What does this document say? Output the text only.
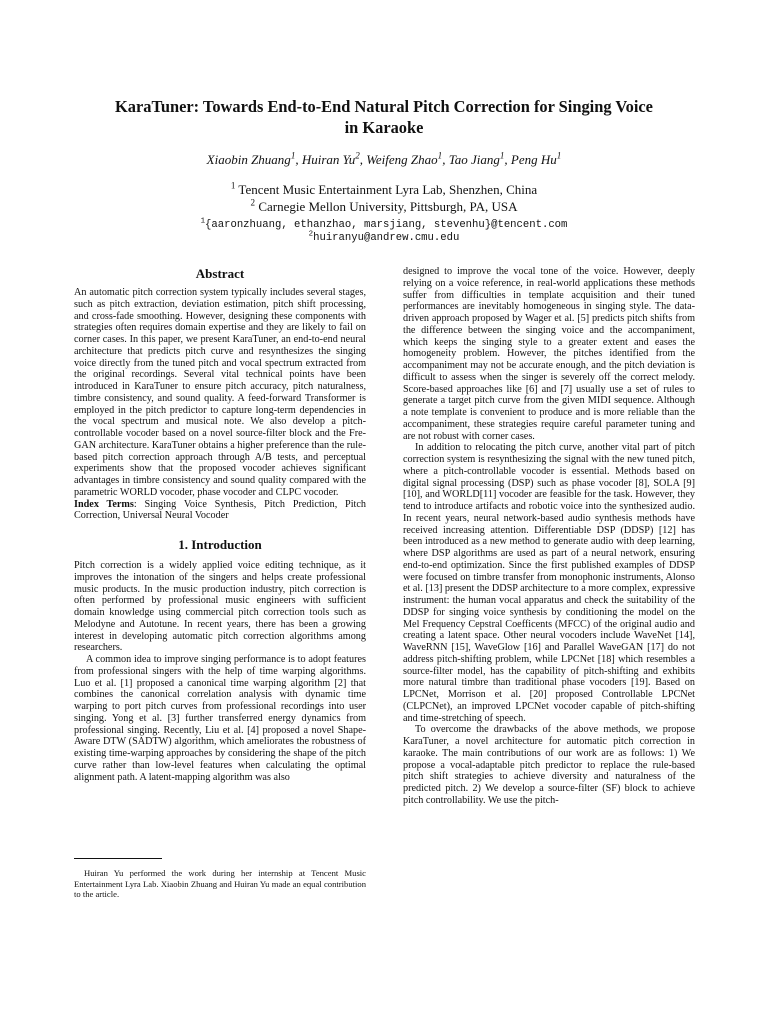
KaraTuner: Towards End-to-End Natural Pitch Correction for Singing Voice
in Karaoke
Xiaobin Zhuang$^1$, Huiran Yu$^2$, Weifeng Zhao$^1$, Tao Jiang$^1$, Peng Hu$^1$
$^1$ Tencent Music Entertainment Lyra Lab, Shenzhen, China
$^2$ Carnegie Mellon University, Pittsburgh, PA, USA
$^1${aaronzhuang, ethanzhao, marsjiang, stevenhu}@tencent.com
$^2$huiranyu@andrew.cmu.edu
Abstract

An automatic pitch correction system typically includes several stages, such as pitch extraction, deviation estimation, pitch shift processing, and cross-fade smoothing. However, designing these components with strategies often requires domain expertise and they are likely to fail on corner cases. In this paper, we present KaraTuner, an end-to-end neural architecture that predicts pitch curve and resynthesizes the singing voice directly from the tuned pitch and vocal spectrum extracted from the original recordings. Several vital technical points have been introduced in KaraTuner to ensure pitch accuracy, pitch naturalness, timbre consistency, and sound quality. A feed-forward Transformer is employed in the pitch predictor to capture long-term dependencies in the vocal spectrum and musical note. We also develop a pitch-controllable vocoder based on a novel source-filter block and the Fre-GAN architecture. KaraTuner obtains a higher preference than the rule-based pitch correction approach through A/B tests, and perceptual experiments show that the proposed vocoder achieves significant advantages in timbre consistency and sound quality compared with the parametric WORLD vocoder, phase vocoder and CLPC vocoder.

Index Terms: Singing Voice Synthesis, Pitch Prediction, Pitch Correction, Universal Neural Vocoder

1. Introduction

Pitch correction is a widely applied voice editing technique, as it improves the intonation of the singers and helps create professional music products. In the music production industry, pitch correction is often performed by professional music engineers with sufficient domain knowledge using commercial pitch correction tools such as Melodyne and Autotune. In recent years, there has been a growing interest in developing automatic pitch correction algorithms among researchers.

A common idea to improve singing performance is to adopt features from professional singers with the help of time warping algorithms. Luo et al. [1] proposed a canonical time warping algorithm [2] that combines the canonical correlation analysis with dynamic time warping to port pitch curves from professional recordings into user singing. Yong et al. [3] further transferred energy dynamics from professional singing. Recently, Liu et al. [4] proposed a novel Shape-Aware DTW (SADTW) algorithm, which ameliorates the robustness of existing time-warping approaches by considering the shape of the pitch curve rather than low-level features when calculating the optimal alignment path. A latent-mapping algorithm was also

Huiran Yu performed the work during her internship at Tencent Music Entertainment Lyra Lab. Xiaobin Zhuang and Huiran Yu made an equal contribution to the article.

designed to improve the vocal tone of the voice. However, deeply relying on a voice reference, in real-world applications these methods suffer from difficulties in template acquisition and their tuned performances are inevitably homogeneous in singing style. The data-driven approach proposed by Wager et al. [5] predicts pitch shifts from the difference between the singing voice and the accompaniment, which keeps the singing style to a greater extent and eases the homogeneity problem. However, the pitches identified from the accompaniment may not be accurate enough, and the pitch deviation is difficult to assess when the singer is severely off the correct melody. Score-based approaches like [6] and [7] usually use a set of rules to generate a target pitch curve from the given MIDI sequence. Although a note template is convenient to produce and is more reliable than the accompaniment, these strategies require careful parameter tuning and are not robust with corner cases.

In addition to relocating the pitch curve, another vital part of pitch correction system is resynthesizing the signal with the new tuned pitch, where a pitch-controllable vocoder is essential. Methods based on digital signal processing (DSP) such as phase vocoder [8], SOLA [9] [10], and WORLD[11] vocoder are feasible for the task. However, they tend to introduce artifacts and robotic voice into the synthesized audio. In recent years, neural network-based audio synthesis methods have received increasing attention. Differentiable DSP (DDSP) [12] has been introduced as a new method to generate audio with deep learning, where DSP algorithms are used as part of a neural network, ensuring end-to-end optimization. Since the first published examples of DDSP were focused on timbre transfer from monophonic instruments, Alonso et al. [13] present the DDSP architecture to a more complex, expressive instrument: the human vocal apparatus and check the suitability of the DDSP for singing voice synthesis by conditioning the model on the Mel Frequency Cepstral Coefficents (MFCC) of the original audio and creating a latent space. Other neural vocoders include WaveNet [14], WaveRNN [15], WaveGlow [16] and Parallel WaveGAN [17] do not address pitch-shifting problem, while LPCNet [18] which resembles a source-filter model, has the capability of pitch-shifting and exhibits more natural timbre than traditional phase vocoders [19]. Based on LPCNet, Morrison et al. [20] proposed Controllable LPCNet (CLPCNet), an improved LPCNet vocoder capable of pitch-shifting and time-stretching of speech.

To overcome the drawbacks of the above methods, we propose KaraTuner, a novel architecture for automatic pitch correction in karaoke. The main contributions of our work are as follows: 1) We propose a vocal-adaptable pitch predictor to replace the rule-based pitch shift strategies to achieve diversity and naturalness of the predicted pitch. 2) We develop a source-filter (SF) block to achieve pitch controllability. We use the pitch-
